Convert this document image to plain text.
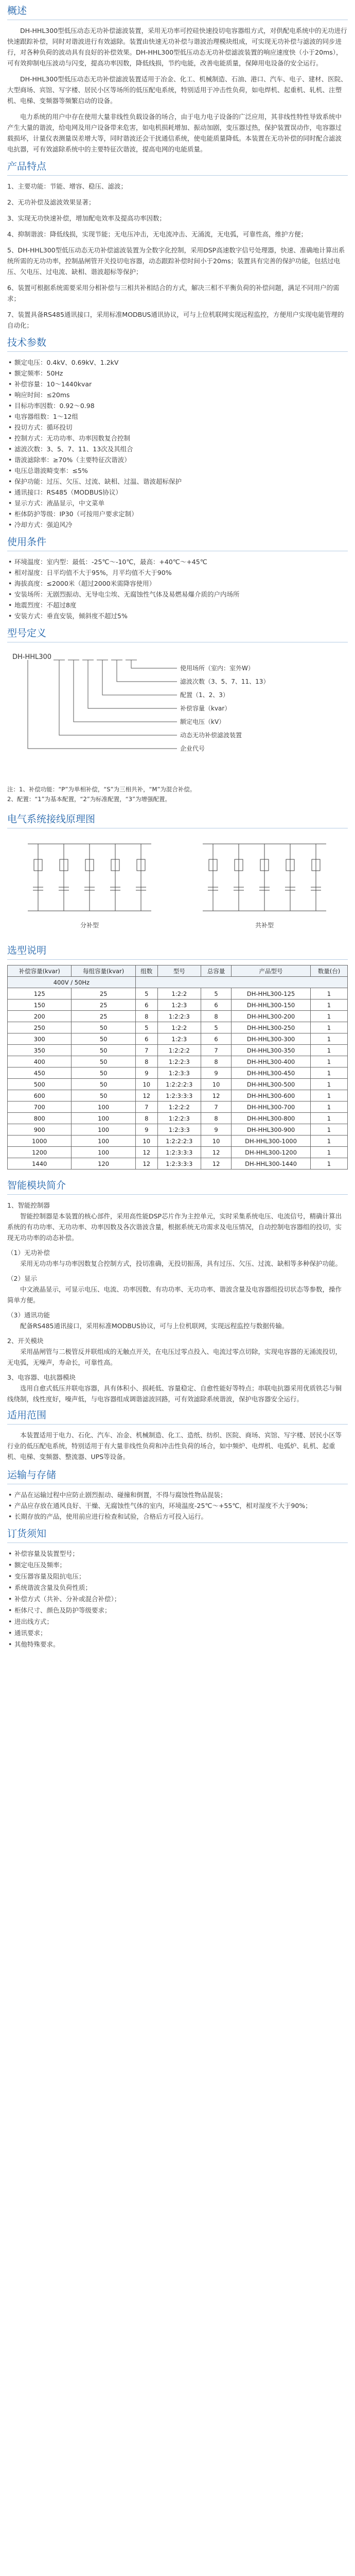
概述

DH-HHL300型低压动态无功补偿滤波装置，采用无功率可控硅快速投切电容器组方式，对供配电系统中的无功进行快速跟踪补偿，同时对谐波进行有效滤除。装置由快速无功补偿与谐波治理模块组成，可实现无功补偿与滤波的同步进行，对各种负荷的波动具有良好的补偿效果。DH-HHL300型低压动态无功补偿滤波装置的响应速度快（小于20ms），可有效抑制电压波动与闪变，提高功率因数，降低线损，节约电能，改善电能质量，保障用电设备的安全运行。

DH-HHL300型低压动态无功补偿滤波装置适用于冶金、化工、机械制造、石油、港口、汽车、电子、建材、医院、大型商场、宾馆、写字楼、居民小区等场所的低压配电系统，特别适用于冲击性负荷，如电焊机、起重机、轧机、注塑机、电梯、变频器等频繁启动的设备。

电力系统的用户中存在使用大量非线性负载设备的场合，由于电力电子设备的广泛应用，其非线性特性导致系统中产生大量的谐波，给电网及用户设备带来危害，如电机损耗增加、振动加剧，变压器过热，保护装置误动作，电容器过载损坏，计量仪表测量误差增大等，同时谐波还会干扰通信系统，使电能质量降低。本装置在无功补偿的同时配合滤波电抗器，可有效滤除系统中的主要特征次谐波，提高电网的电能质量。

产品特点

1、主要功能：节能、增容、稳压、滤波；

2、无功补偿及滤波效果显著；

3、实现无功快速补偿，增加配电效率及提高功率因数；

4、抑制谐波：降低线损，实现节能；无电压冲击，无电流冲击、无涌流，无电弧，可靠性高，维护方便；

5、DH-HHL300型低压动态无功补偿滤波装置为全数字化控制，采用DSP高速数字信号处理器，快速、准确地计算出系统所需的无功功率，控制晶闸管开关投切电容器，动态跟踪补偿时间小于20ms；装置具有完善的保护功能，包括过电压、欠电压、过电流、缺相、谐波超标等保护；

6、装置可根据系统需要采用分相补偿与三相共补相结合的方式，解决三相不平衡负荷的补偿问题，满足不同用户的需求；

7、装置具备RS485通讯接口，采用标准MODBUS通讯协议，可与上位机联网实现远程监控，方便用户实现电能管理的自动化；

技术参数

• 额定电压：0.4kV、0.69kV、1.2kV

• 额定频率：50Hz

• 补偿容量：10～1440kvar

• 响应时间：≤20ms

• 目标功率因数：0.92～0.98

• 电容器组数：1～12组

• 投切方式：循环投切

• 控制方式：无功功率、功率因数复合控制

• 滤波次数：3、5、7、11、13次及其组合

• 谐波滤除率：≥70%（主要特征次谐波）

• 电压总谐波畸变率：≤5%

• 保护功能：过压、欠压、过流、缺相、过温、谐波超标保护

• 通讯接口：RS485（MODBUS协议）

• 显示方式：液晶显示，中文菜单

• 柜体防护等级：IP30（可按用户要求定制）

• 冷却方式：强迫风冷

使用条件

• 环境温度：室内型：最低：-25℃～-10℃，最高：+40℃～+45℃

• 相对湿度：日平均值不大于95%，月平均值不大于90%

• 海拔高度：≤2000米（超过2000米需降容使用）

• 安装场所：无剧烈振动、无导电尘埃、无腐蚀性气体及易燃易爆介质的户内场所

• 地震烈度：不超过8度

• 安装方式：垂直安装，倾斜度不超过5%

型号定义
DH-HHL300
使用场所（室内：室外W）
滤波次数（3、5、7、11、13）
配置（1、2、3）
补偿容量（kvar）
额定电压（kV）
动态无功补偿滤波装置
企业代号

注：1、补偿功能：“P”为单相补偿，“S”为三相共补，“M”为混合补偿。
2、配置：“1”为基本配置，“2”为标准配置，“3”为增强配置。

电气系统接线原理图
分补型	共补型
选型说明
补偿容量(kvar)	每组容量(kvar)	组数	型号	总容量	产品型号	数量(台)
400V / 50Hz						
125	25	5	1:2:2	5	DH-HHL300-125	1
150	25	6	1:2:3	6	DH-HHL300-150	1
200	25	8	1:2:2:3	8	DH-HHL300-200	1
250	50	5	1:2:2	5	DH-HHL300-250	1
300	50	6	1:2:3	6	DH-HHL300-300	1
350	50	7	1:2:2:2	7	DH-HHL300-350	1
400	50	8	1:2:2:3	8	DH-HHL300-400	1
450	50	9	1:2:3:3	9	DH-HHL300-450	1
500	50	10	1:2:2:2:3	10	DH-HHL300-500	1
600	50	12	1:2:3:3:3	12	DH-HHL300-600	1
700	100	7	1:2:2:2	7	DH-HHL300-700	1
800	100	8	1:2:2:3	8	DH-HHL300-800	1
900	100	9	1:2:3:3	9	DH-HHL300-900	1
1000	100	10	1:2:2:2:3	10	DH-HHL300-1000	1
1200	100	12	1:2:3:3:3	12	DH-HHL300-1200	1
1440	120	12	1:2:3:3:3	12	DH-HHL300-1440	1
智能模块简介

1、智能控制器

智能控制器是本装置的核心部件，采用高性能DSP芯片作为主控单元，实时采集系统电压、电流信号，精确计算出系统的有功功率、无功功率、功率因数及各次谐波含量，根据系统无功需求及电压情况，自动控制电容器组的投切，实现无功功率的动态补偿。

（1）无功补偿

采用无功功率与功率因数复合控制方式，投切准确，无投切振荡，具有过压、欠压、过流、缺相等多种保护功能。

（2）显示

中文液晶显示，可显示电压、电流、功率因数、有功功率、无功功率、谐波含量及电容器组投切状态等参数，操作简单方便。

（3）通讯功能

配备RS485通讯接口，采用标准MODBUS协议，可与上位机联网，实现远程监控与数据传输。

2、开关模块

采用晶闸管与二极管反并联组成的无触点开关，在电压过零点投入、电流过零点切除，实现电容器的无涌流投切，无电弧，无噪声，寿命长，可靠性高。

3、电容器、电抗器模块

选用自愈式低压并联电容器，具有体积小、损耗低、容量稳定、自愈性能好等特点；串联电抗器采用优质铁芯与铜线绕制，线性度好，噪声低，与电容器组成调谐滤波回路，可有效滤除系统谐波，保护电容器安全运行。

适用范围

本装置适用于电力、石化、汽车、冶金、机械制造、化工、造纸、纺织、医院、商场、宾馆、写字楼、居民小区等行业的低压配电系统，特别适用于有大量非线性负荷和冲击性负荷的场合，如中频炉、电焊机、电弧炉、轧机、起重机、电梯、变频器、整流器、UPS等设备。

运输与存储

• 产品在运输过程中应防止剧烈振动、碰撞和倒置，不得与腐蚀性物品混装；

• 产品应存放在通风良好、干燥、无腐蚀性气体的室内，环境温度-25℃～+55℃，相对湿度不大于90%；

• 长期存放的产品，使用前应进行检查和试验，合格后方可投入运行。

订货须知

• 补偿容量及装置型号；

• 额定电压及频率；

• 变压器容量及阻抗电压；

• 系统谐波含量及负荷性质；

• 补偿方式（共补、分补或混合补偿）；

• 柜体尺寸、颜色及防护等级要求；

• 进出线方式；

• 通讯要求；

• 其他特殊要求。
